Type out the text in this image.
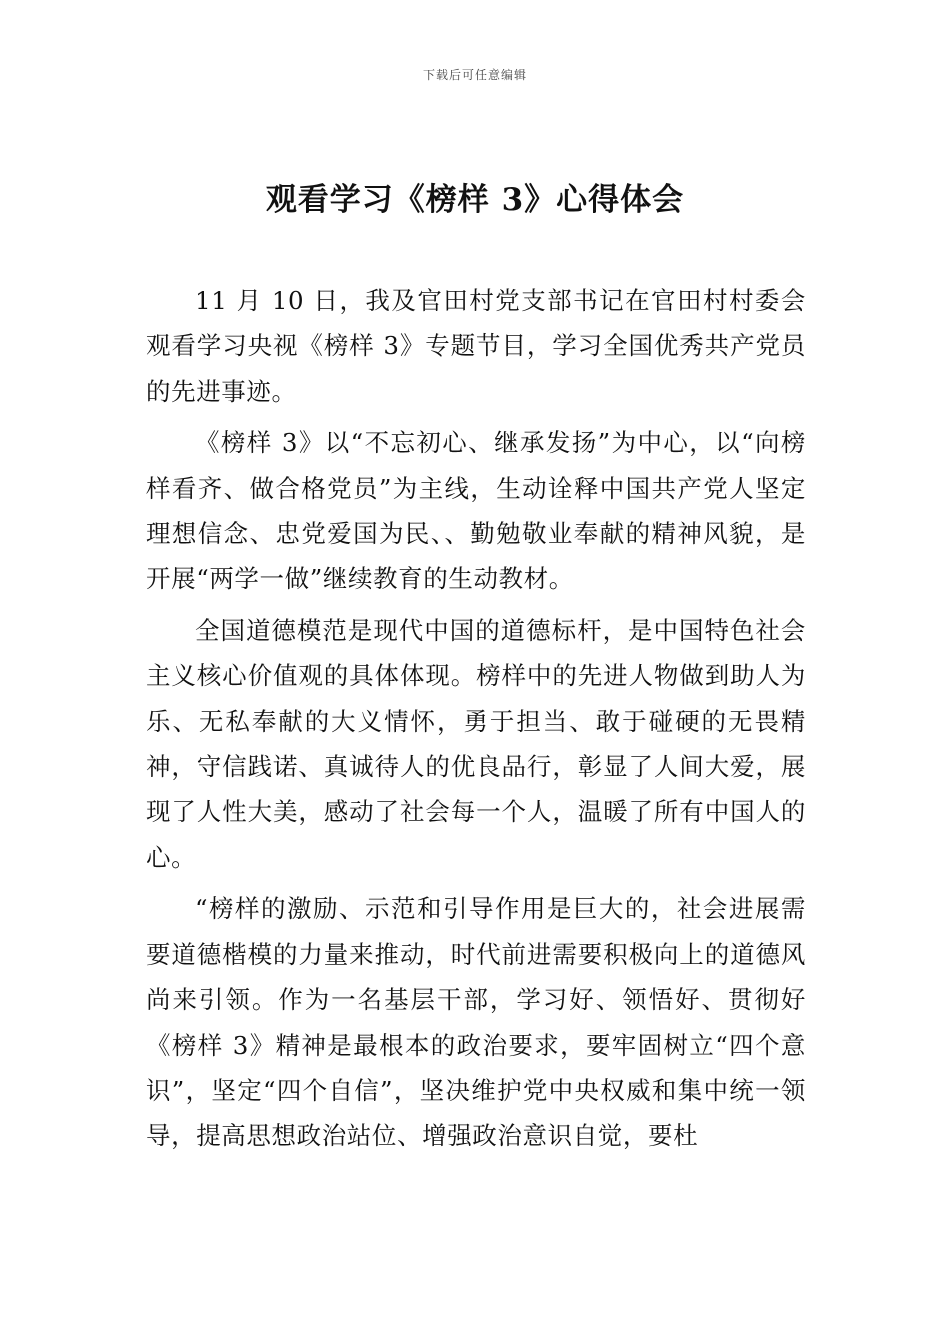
下载后可任意编辑
观看学习《榜样 3》心得体会

11 月 10 日，我及官田村党支部书记在官田村村委会观看学习央视《榜样 3》专题节目，学习全国优秀共产党员的先进事迹。

《榜样 3》以“不忘初心、继承发扬”为中心，以“向榜样看齐、做合格党员”为主线，生动诠释中国共产党人坚定理想信念、忠党爱国为民、、勤勉敬业奉献的精神风貌，是开展“两学一做”继续教育的生动教材。

全国道德模范是现代中国的道德标杆，是中国特色社会主义核心价值观的具体体现。榜样中的先进人物做到助人为乐、无私奉献的大义情怀，勇于担当、敢于碰硬的无畏精神，守信践诺、真诚待人的优良品行，彰显了人间大爱，展现了人性大美，感动了社会每一个人，温暖了所有中国人的心。

“榜样的激励、示范和引导作用是巨大的，社会进展需要道德楷模的力量来推动，时代前进需要积极向上的道德风尚来引领。作为一名基层干部，学习好、领悟好、贯彻好《榜样 3》精神是最根本的政治要求，要牢固树立“四个意识”，坚定“四个自信”，坚决维护党中央权威和集中统一领导，提高思想政治站位、增强政治意识自觉，要杜
